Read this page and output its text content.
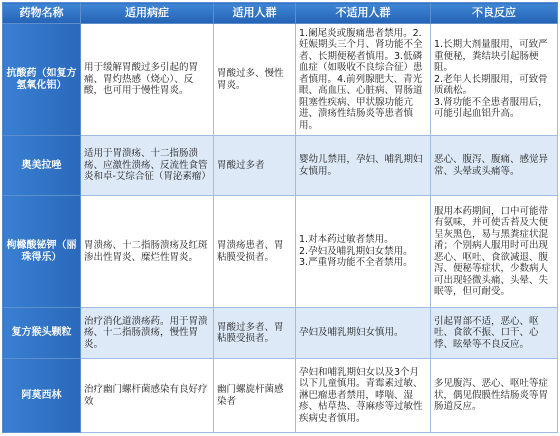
药物名称	适用病症	适用人群	不适用人群	不良反应
抗酸药（如复方氢氧化铝）	用于缓解胃酸过多引起的胃痛、胃灼热感（烧心）、反酸，也可用于慢性胃炎。	胃酸过多、慢性胃炎。	1.阑尾炎或腹痛患者禁用。2.妊娠期头三个月、肾功能不全者、长期便秘者慎用。3.低磷血症（如吸收不良综合征）患者慎用。4.前列腺肥大、青光眼、高血压、心脏病、胃肠道阻塞性疾病、甲状腺功能亢进、溃疡性结肠炎等患者慎用。	1.长期大剂量服用，可致严重便秘，粪结块引起肠梗阻。
2.老年人长期服用，可致骨质疏松。
3.肾功能不全患者服用后，可能引起血铝升高。

奥美拉唑	适用于胃溃疡、十二指肠溃疡、应激性溃疡、反流性食管炎和卓-艾综合征（胃泌素瘤）	胃酸过多者	婴幼儿禁用，孕妇、哺乳期妇女慎用。	恶心、腹泻、腹痛、感觉异常、头晕或头痛等。

枸橼酸铋钾（丽珠得乐）	胃溃疡、十二指肠溃疡及红斑渗出性胃炎、糜烂性胃炎。	胃溃疡患者、胃粘膜受损者。	1.对本药过敏者禁用。
2.孕妇及哺乳期妇女禁用。
3.严重肾功能不全者禁用。	服用本药期间，口中可能带有氨味，并可使舌苔及大便呈灰黑色，易与黑粪症状混淆；个别病人服用时可出现恶心、呕吐、食欲减退、腹泻、便秘等症状，少数病人可出现轻微头痛、头晕、失眠等，但可耐受。

复方猴头颗粒	治疗消化道溃疡药。用于胃溃疡、十二指肠溃疡，慢性胃炎。	胃酸过多者、胃粘膜受损者。	孕妇及哺乳期妇女慎用。	引起胃部不适，恶心、呕吐、食欲不振、口干、心悸、眩晕等不良反应。

阿莫西林	治疗幽门螺杆菌感染有良好疗效	幽门螺旋杆菌感染者	孕妇和哺乳期妇女以及3个月以下儿童慎用。青霉素过敏、淋巴瘤患者禁用，哮喘、湿疹、枯草热、荨麻疹等过敏性疾病史者慎用。	多见腹泻、恶心、呕吐等症状，偶见假膜性结肠炎等胃肠道反应。
